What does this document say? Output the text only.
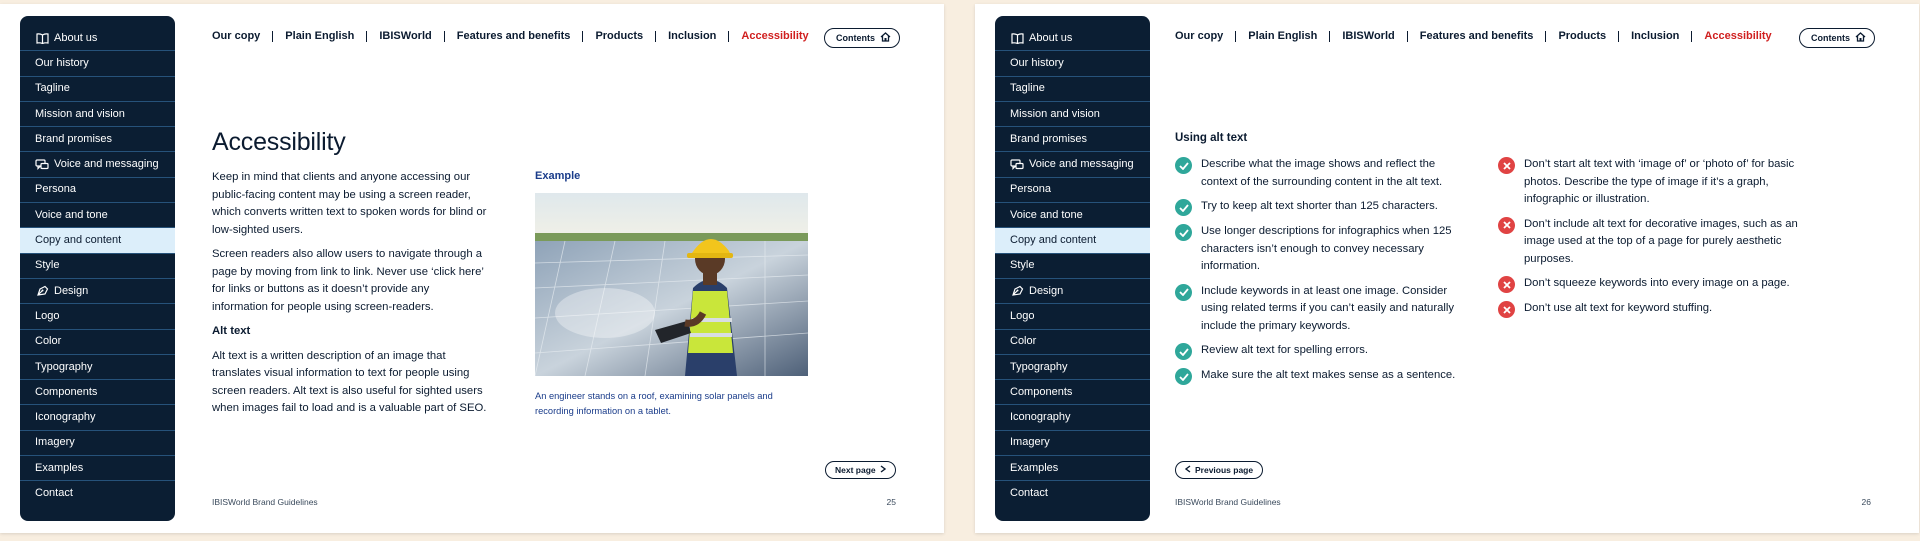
About us
Our history
Tagline
Mission and vision
Brand promises
Voice and messaging
Persona
Voice and tone
Copy and content
Style
Design
Logo
Color
Typography
Components
Iconography
Imagery
Examples
Contact
Our copy Plain English IBISWorld Features and benefits Products Inclusion Accessibility	Contents
Accessibility

Keep in mind that clients and anyone accessing our public-facing content may be using a screen reader, which converts written text to spoken words for blind or low-sighted users.

Screen readers also allow users to navigate through a page by moving from link to link. Never use ‘click here’ for links or buttons as it doesn’t provide any information for people using screen-readers.

Alt text

Alt text is a written description of an image that translates visual information to text for people using screen readers. Alt text is also useful for sighted users when images fail to load and is a valuable part of SEO.

Example
An engineer stands on a roof, examining solar panels and recording information on a tablet.
Next page
IBISWorld Brand Guidelines	25
About us
Our history
Tagline
Mission and vision
Brand promises
Voice and messaging
Persona
Voice and tone
Copy and content
Style
Design
Logo
Color
Typography
Components
Iconography
Imagery
Examples
Contact
Our copy Plain English IBISWorld Features and benefits Products Inclusion Accessibility	Contents
Using alt text
Describe what the image shows and reflect the context of the surrounding content in the alt text.
Try to keep alt text shorter than 125 characters.
Use longer descriptions for infographics when 125 characters isn’t enough to convey necessary information.
Include keywords in at least one image. Consider using related terms if you can’t easily and naturally include the primary keywords.
Review alt text for spelling errors.
Make sure the alt text makes sense as a sentence.
Don’t start alt text with ‘image of’ or ‘photo of’ for basic photos. Describe the type of image if it’s a graph, infographic or illustration.
Don’t include alt text for decorative images, such as an image used at the top of a page for purely aesthetic purposes.
Don’t squeeze keywords into every image on a page.
Don’t use alt text for keyword stuffing.
Previous page
IBISWorld Brand Guidelines	26
